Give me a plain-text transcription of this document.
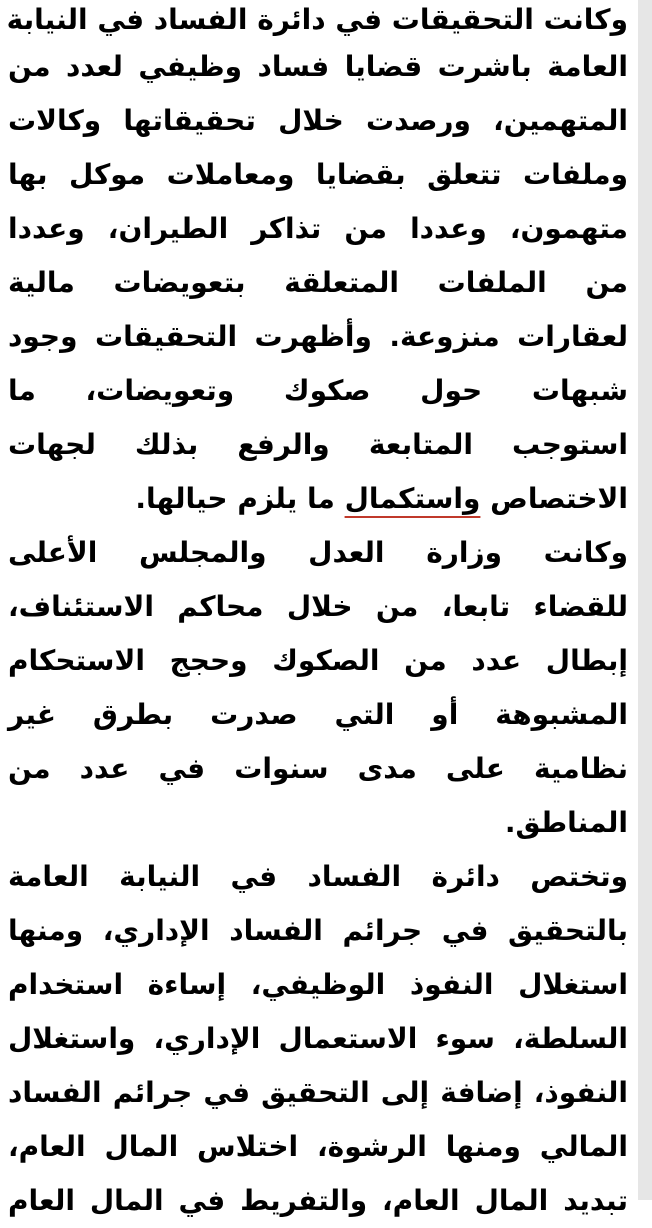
وكانت التحقيقات في دائرة الفساد في النيابة
العامة باشرت قضايا فساد وظيفي لعدد من
المتهمين، ورصدت خلال تحقيقاتها وكالات
وملفات تتعلق بقضايا ومعاملات موكل بها
متهمون، وعددا من تذاكر الطيران، وعددا
من الملفات المتعلقة بتعويضات مالية
لعقارات منزوعة. وأظهرت التحقيقات وجود
شبهات حول صكوك وتعويضات، ما
استوجب المتابعة والرفع بذلك لجهات
الاختصاص واستكمال ما يلزم حيالها.
وكانت وزارة العدل والمجلس الأعلى
للقضاء تابعا، من خلال محاكم الاستئناف،
إبطال عدد من الصكوك وحجج الاستحكام
المشبوهة أو التي صدرت بطرق غير
نظامية على مدى سنوات في عدد من
المناطق.
وتختص دائرة الفساد في النيابة العامة
بالتحقيق في جرائم الفساد الإداري، ومنها
استغلال النفوذ الوظيفي، إساءة استخدام
السلطة، سوء الاستعمال الإداري، واستغلال
النفوذ، إضافة إلى التحقيق في جرائم الفساد
المالي ومنها الرشوة، اختلاس المال العام،
تبديد المال العام، والتفريط في المال العام
